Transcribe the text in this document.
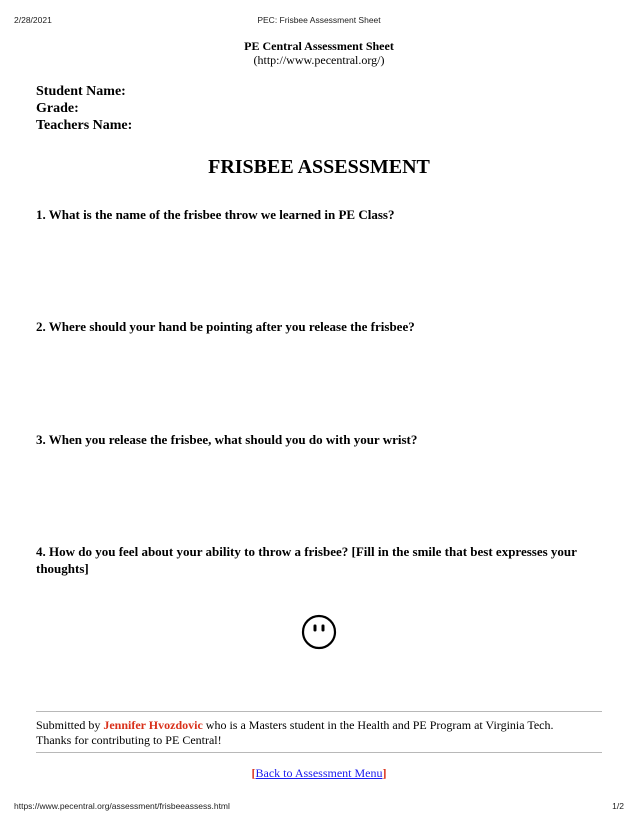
2/28/2021	PEC: Frisbee Assessment Sheet
PE Central Assessment Sheet
(http://www.pecentral.org/)
Student Name:
Grade:
Teachers Name:
FRISBEE ASSESSMENT
1. What is the name of the frisbee throw we learned in PE Class?
2. Where should your hand be pointing after you release the frisbee?
3. When you release the frisbee, what should you do with your wrist?
4. How do you feel about your ability to throw a frisbee? [Fill in the smile that best expresses your thoughts]
Submitted by Jennifer Hvozdovic who is a Masters student in the Health and PE Program at Virginia Tech.
Thanks for contributing to PE Central!
[Back to Assessment Menu]
https://www.pecentral.org/assessment/frisbeeassess.html	1/2
